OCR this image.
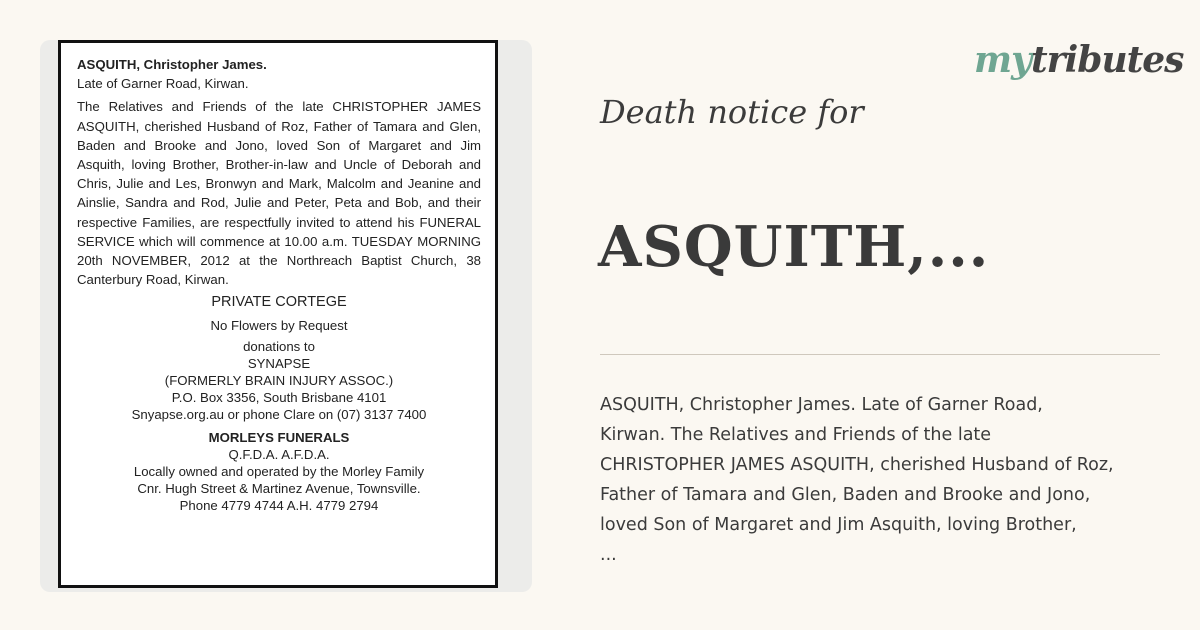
ASQUITH, Christopher James.

Late of Garner Road, Kirwan.

The Relatives and Friends of the late CHRISTOPHER JAMES ASQUITH, cherished Husband of Roz, Father of Tamara and Glen, Baden and Brooke and Jono, loved Son of Margaret and Jim Asquith, loving Brother, Brother-in-law and Uncle of Deborah and Chris, Julie and Les, Bronwyn and Mark, Malcolm and Jeanine and Ainslie, Sandra and Rod, Julie and Peter, Peta and Bob, and their respective Families, are respectfully invited to attend his FUNERAL SERVICE which will commence at 10.00 a.m. TUESDAY MORNING 20th NOVEMBER, 2012 at the Northreach Baptist Church, 38 Canterbury Road, Kirwan.

PRIVATE CORTEGE

No Flowers by Request

donations to

SYNAPSE

(FORMERLY BRAIN INJURY ASSOC.)

P.O. Box 3356, South Brisbane 4101

Snyapse.org.au or phone Clare on (07) 3137 7400

MORLEYS FUNERALS

Q.F.D.A. A.F.D.A.

Locally owned and operated by the Morley Family

Cnr. Hugh Street & Martinez Avenue, Townsville.

Phone 4779 4744 A.H. 4779 2794

mytributes
Death notice for
ASQUITH,...

ASQUITH, Christopher James. Late of Garner Road,

Kirwan. The Relatives and Friends of the late

CHRISTOPHER JAMES ASQUITH, cherished Husband of Roz,

Father of Tamara and Glen, Baden and Brooke and Jono,

loved Son of Margaret and Jim Asquith, loving Brother,

...
